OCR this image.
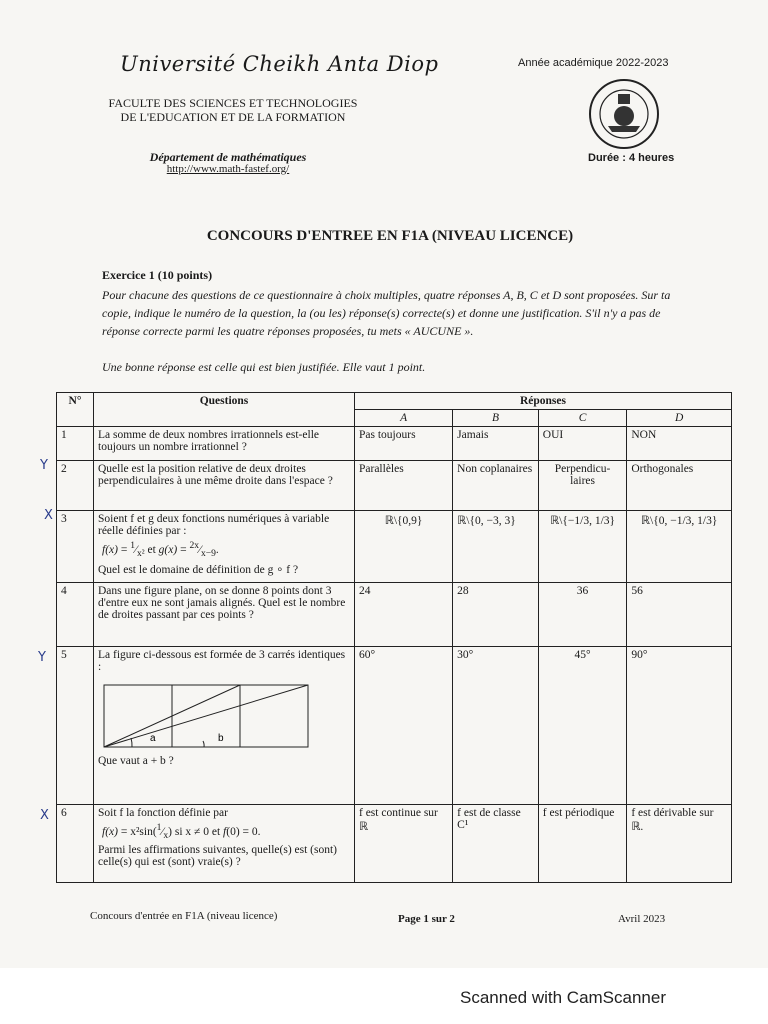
Université Cheikh Anta Diop
FACULTE DES SCIENCES ET TECHNOLOGIES DE L'EDUCATION ET DE LA FORMATION
Département de mathématiques
http://www.math-fastef.org/
Année académique 2022-2023
Durée : 4 heures
CONCOURS D'ENTREE EN F1A (NIVEAU LICENCE)
Exercice 1 (10 points)
Pour chacune des questions de ce questionnaire à choix multiples, quatre réponses A, B, C et D sont proposées. Sur ta copie, indique le numéro de la question, la (ou les) réponse(s) correcte(s) et donne une justification. S'il n'y a pas de réponse correcte parmi les quatre réponses proposées, tu mets « AUCUNE ».
Une bonne réponse est celle qui est bien justifiée. Elle vaut 1 point.
N°	Questions	Réponses			
		A	B	C	D
1	La somme de deux nombres irrationnels est-elle toujours un nombre irrationnel ?	Pas toujours	Jamais	OUI	NON
2	Quelle est la position relative de deux droites perpendiculaires à une même droite dans l'espace ?	Parallèles	Non coplanaires	Perpendicu-laires	Orthogonales
3	Soient f et g deux fonctions numériques à variable réelle définies par :
$f(x) = ^1⁄_{x^2}$ et $g(x) = ^{2x}⁄_{x-9}$.
Quel est le domaine de définition de g ∘ f ?	ℝ\{0,9}	ℝ\{0, −3, 3}	ℝ\{−1/3, 1/3}	ℝ\{0, −1/3, 1/3}
4	Dans une figure plane, on se donne 8 points dont 3 d'entre eux ne sont jamais alignés. Quel est le nombre de droites passant par ces points ?	24	28	36	56
5	La figure ci-dessous est formée de 3 carrés identiques :
a b
Que vaut a + b ?	60°	30°	45°	90°
6	Soit f la fonction définie par
$f(x) = x^2\sin(^1⁄_x)$ si x ≠ 0 et f(0) = 0.
Parmi les affirmations suivantes, quelle(s) est (sont) celle(s) qui est (sont) vraie(s) ?	f est continue sur ℝ	f est de classe C¹	f est périodique	f est dérivable sur ℝ.
Y
X
Y
X
Concours d'entrée en F1A (niveau licence)	Page 1 sur 2	Avril 2023
Scanned with CamScanner
